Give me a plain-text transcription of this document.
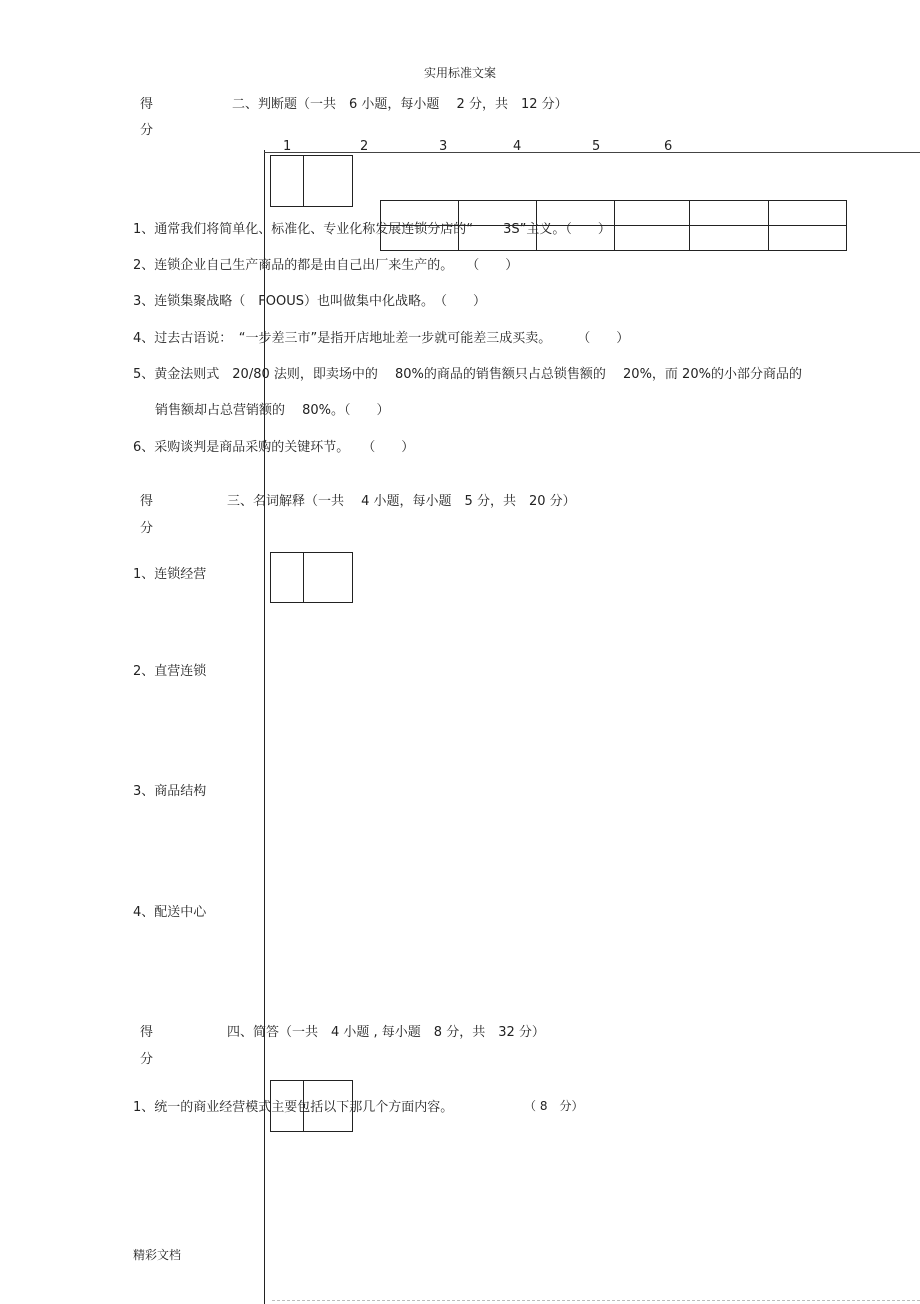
实用标准文案
得
分
二、判断题（一共　6 小题，每小题　 2 分，共　12 分）
1	2	3	4	5	6
1、通常我们将简单化、标准化、专业化称发展连锁分店的“　　 3S”主义。（　　）
2、连锁企业自己生产商品的都是由自己出厂来生产的。　　（　　）
3、连锁集聚战略（　FOOUS）也叫做集中化战略。　（　　）
4、过去古语说：　“一步差三市”是指开店地址差一步就可能差三成买卖。　　　（　　）
5、黄金法则式　20/80 法则，即卖场中的　 80%的商品的销售额只占总锁售额的　 20%，而 20%的小部分商品的
销售额却占总营销额的　 80%。（　　）
6、采购谈判是商品采购的关键环节。　　（　　）
得
分
三、名词解释（一共　 4 小题，每小题　5 分，共　20 分）
1、连锁经营
2、直营连锁
3、商品结构
4、配送中心
得
分
四、简答（一共　4 小题 , 每小题　8 分，共　32 分）
1、统一的商业经营模式主要包括以下那几个方面内容。	（ 8　分）
精彩文档
